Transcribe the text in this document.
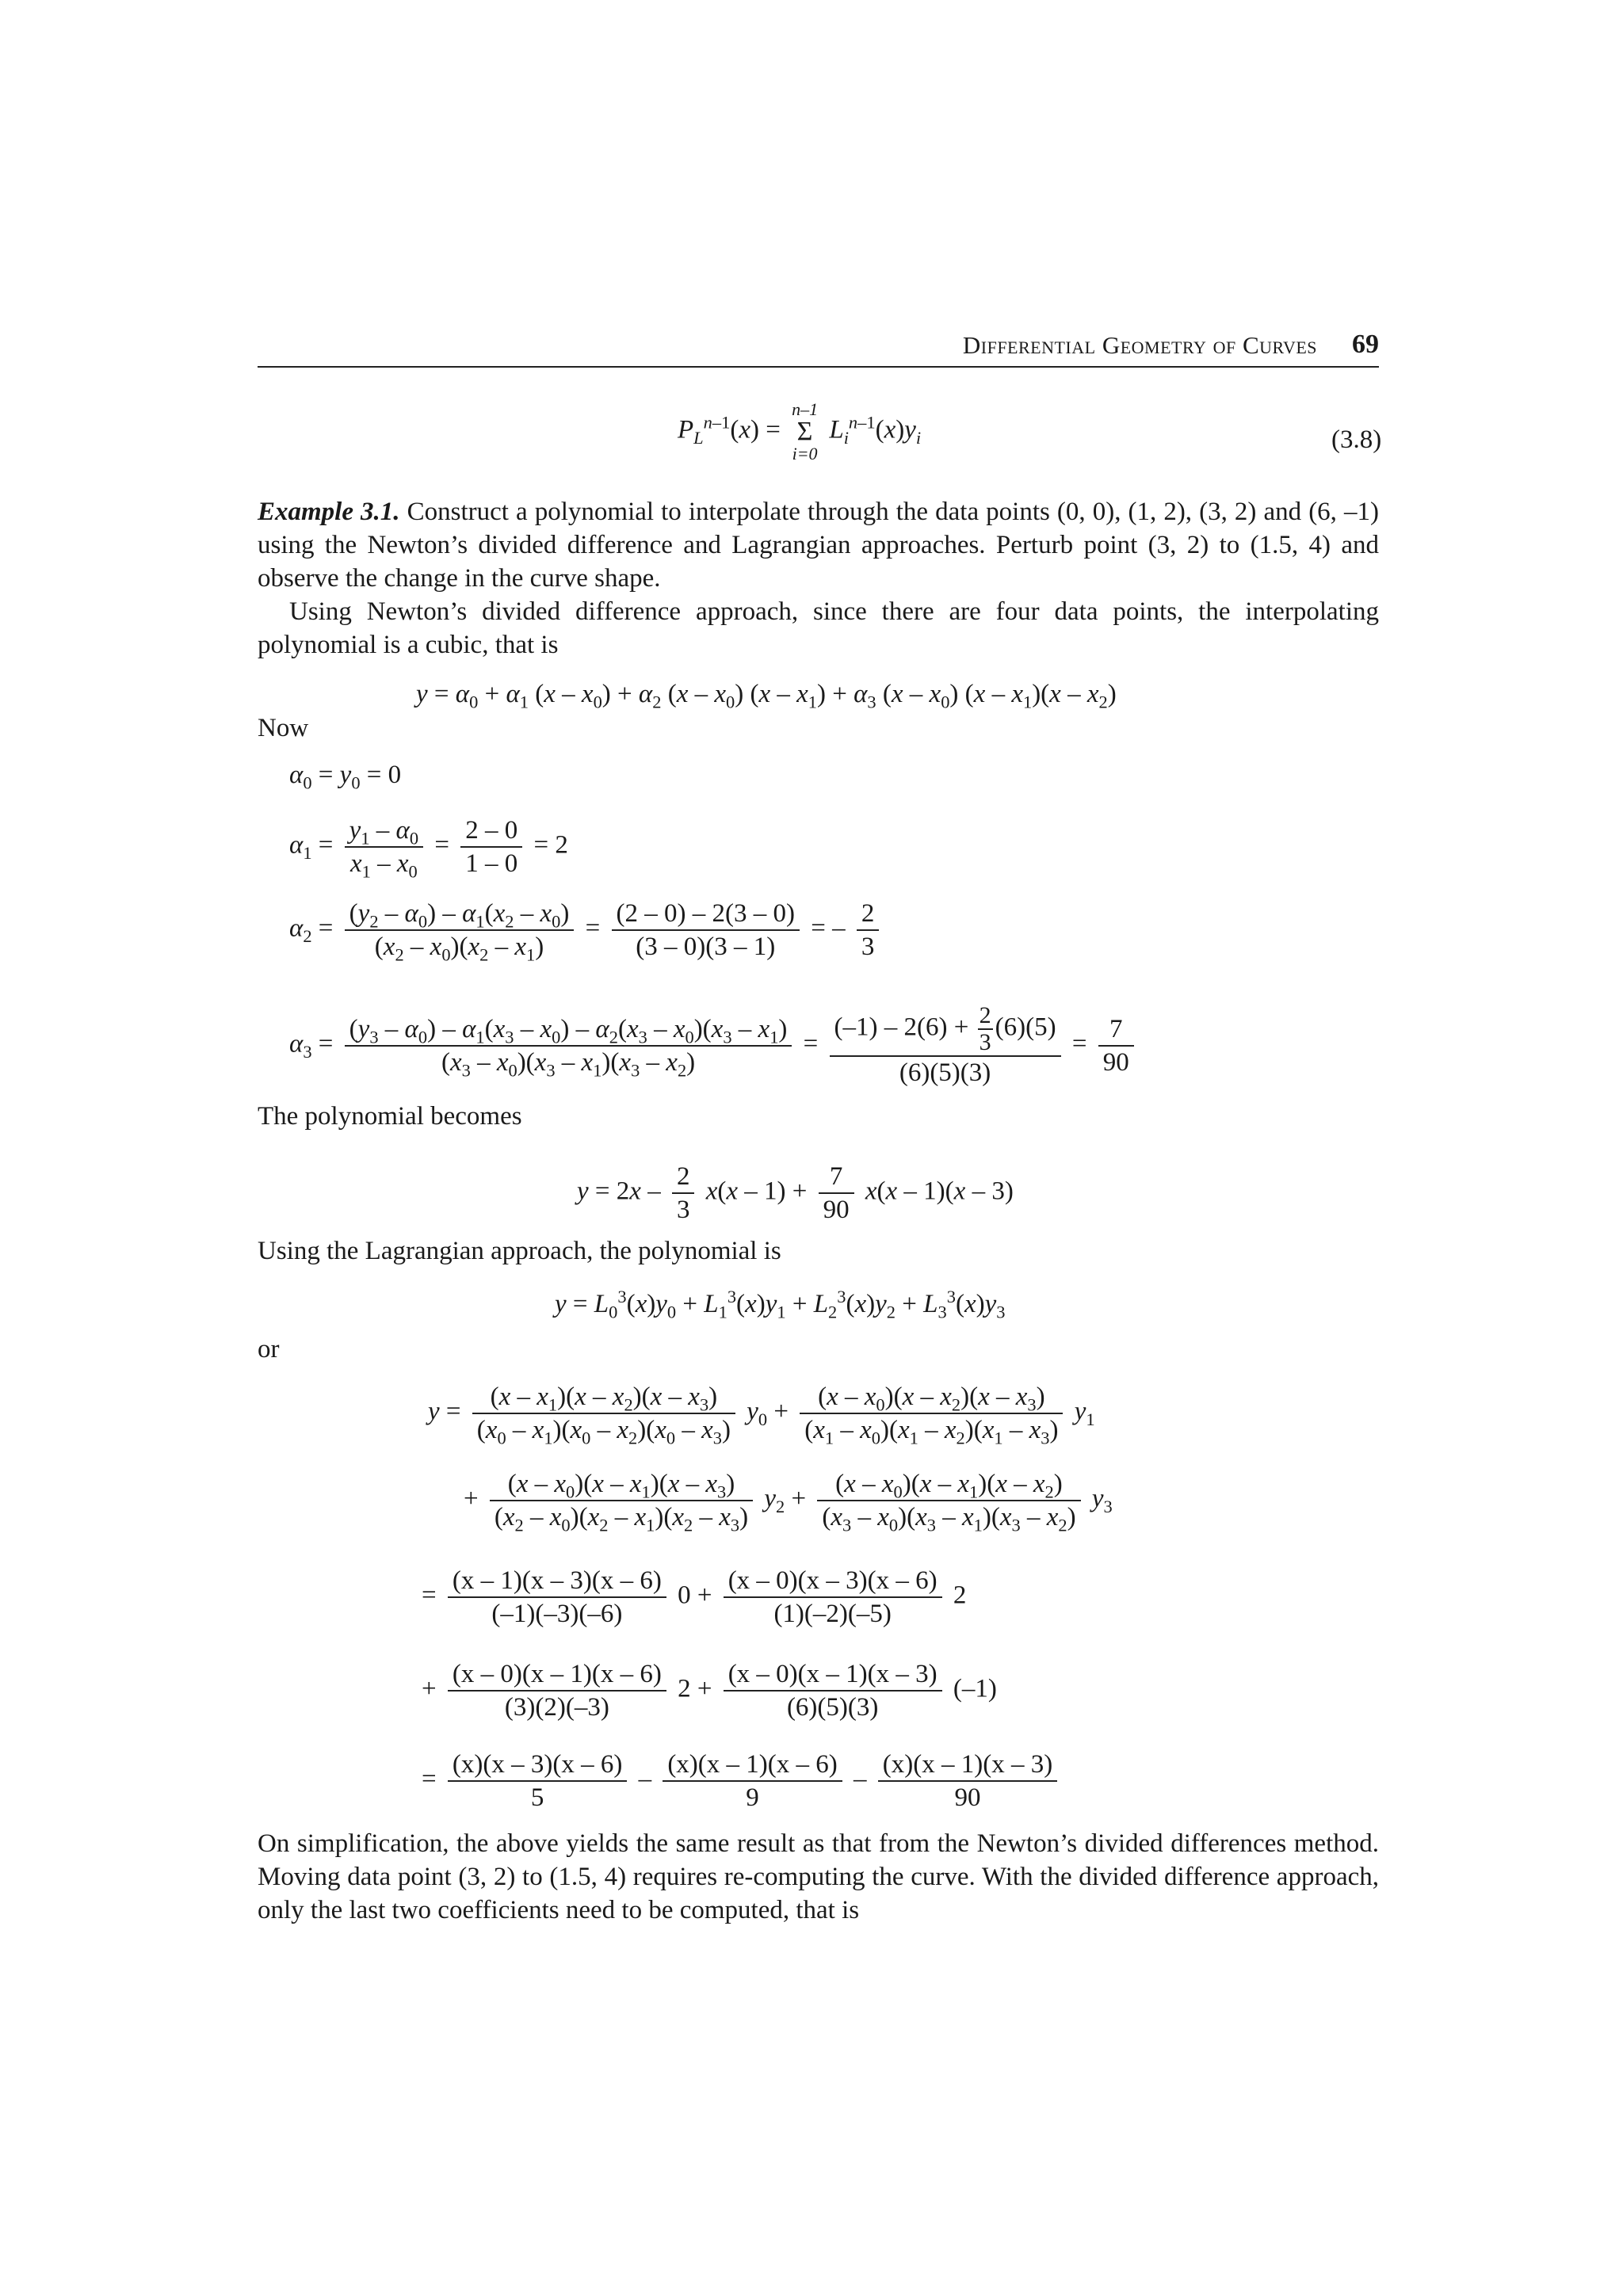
Differential Geometry of Curves 69
$P_L^{n-1}(x)$ =
n–1
Σ
i=0
$L_i^{n-1}(x)y_i$	(3.8)
Example 3.1. Construct a polynomial to interpolate through the data points (0, 0), (1, 2), (3, 2) and (6, –1) using the Newton’s divided difference and Lagrangian approaches. Perturb point (3, 2) to (1.5, 4) and observe the change in the curve shape.
Using Newton’s divided difference approach, since there are four data points, the interpolating polynomial is a cubic, that is
$y = \alpha_0 + \alpha_1$ $(x - x_0) + \alpha_2$ $(x - x_0)$ $(x - x_1) + \alpha_3$ $(x - x_0)$ $(x - x_1)(x - x_2)$
Now
$\alpha_0 = y_0 = 0$
$\alpha_1 = \frac{y_1 - \alpha_0}{x_1 - x_0} = \frac{2 - 0}{1 - 0} = 2$
$\alpha_2 = \frac{(y_2 - \alpha_0) - \alpha_1(x_2 - x_0)}{(x_2 - x_0)(x_2 - x_1)} = \frac{(2 - 0) - 2(3 - 0)}{(3 - 0)(3 - 1)}$ = – $\frac{2}{3}$
$\alpha_3 = \frac{(y_3 - \alpha_0) - \alpha_1(x_3 - x_0) - \alpha_2(x_3 - x_0)(x_3 - x_1)}{(x_3 - x_0)(x_3 - x_1)(x_3 - x_2)} = \frac{(-1) - 2(6) + \frac{2}{3} (6)(5)}{(6)(5)(3)} = \frac{7}{90}$
The polynomial becomes
$y = 2x - \frac{2}{3} x(x - 1) + \frac{7}{90} x(x - 1)(x - 3)$
Using the Lagrangian approach, the polynomial is
$y = L_0^3(x)y_0 + L_1^3(x)y_1 + L_2^3(x)y_2 + L_3^3(x)y_3$
or
$y = \frac{(x - x_1)(x - x_2)(x - x_3)}{(x_0 - x_1)(x_0 - x_2)(x_0 - x_3)} y_0 + \frac{(x - x_0)(x - x_2)(x - x_3)}{(x_1 - x_0)(x_1 - x_2)(x_1 - x_3)} y_1$
+ $\frac{(x - x_0)(x - x_1)(x - x_3)}{(x_2 - x_0)(x_2 - x_1)(x_2 - x_3)} y_2 + \frac{(x - x_0)(x - x_1)(x - x_2)}{(x_3 - x_0)(x_3 - x_1)(x_3 - x_2)} y_3$
= $\frac{(x - 1)(x - 3)(x - 6)}{(-1)(-3)(-6)} 0 + \frac{(x - 0)(x - 3)(x - 6)}{(1)(-2)(-5)} 2$
+ $\frac{(x - 0)(x - 1)(x - 6)}{(3)(2)(-3)} 2 + \frac{(x - 0)(x - 1)(x - 3)}{(6)(5)(3)} (-1)$
= $\frac{(x)(x - 3)(x - 6)}{5} - \frac{(x)(x - 1)(x - 6)}{9} - \frac{(x)(x - 1)(x - 3)}{90}$
On simplification, the above yields the same result as that from the Newton’s divided differences method. Moving data point (3, 2) to (1.5, 4) requires re-computing the curve. With the divided difference approach, only the last two coefficients need to be computed, that is
